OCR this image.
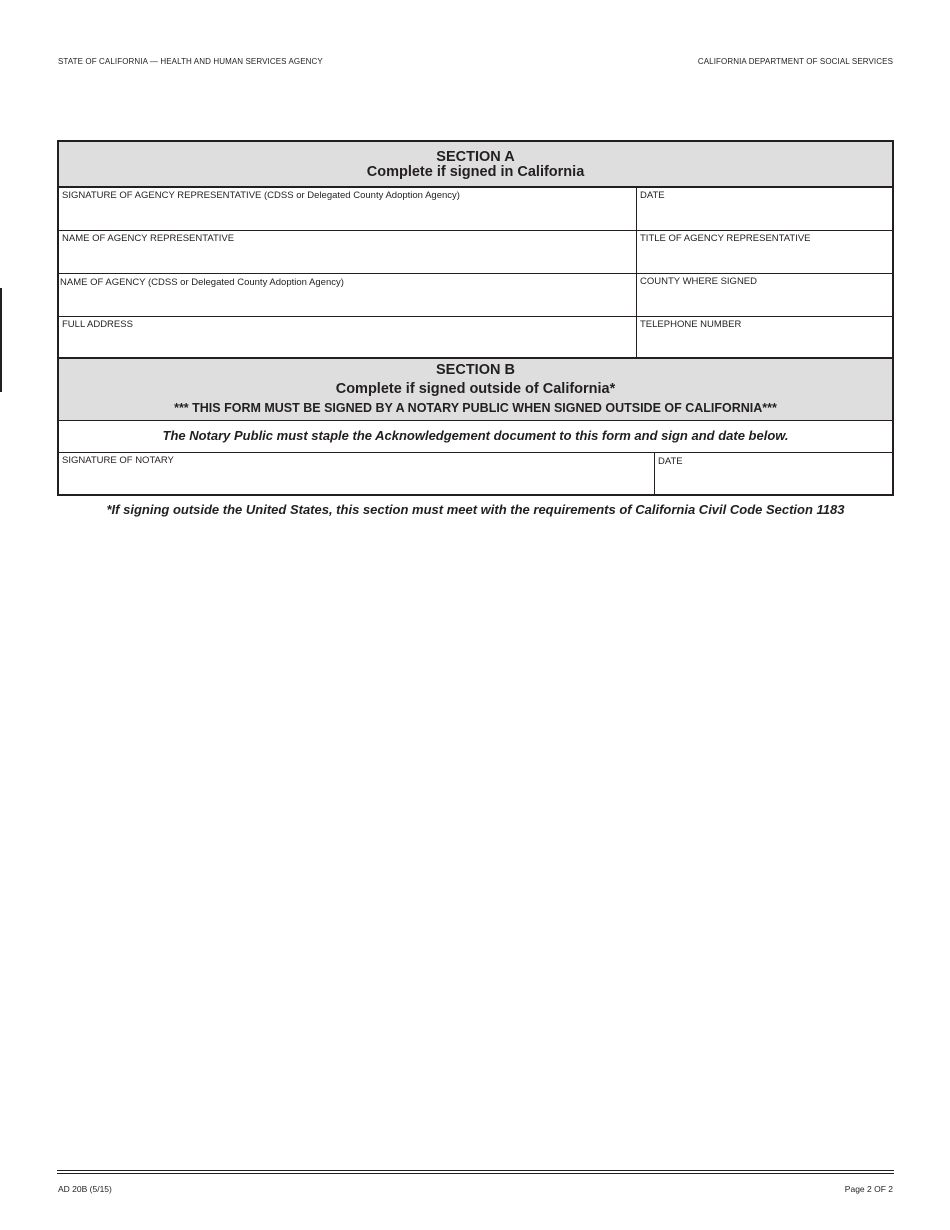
STATE OF CALIFORNIA — HEALTH AND HUMAN SERVICES AGENCY	CALIFORNIA DEPARTMENT OF SOCIAL SERVICES
SECTION A
Complete if signed in California
SIGNATURE OF AGENCY REPRESENTATIVE (CDSS or Delegated County Adoption Agency)	DATE
NAME OF AGENCY REPRESENTATIVE	TITLE OF AGENCY REPRESENTATIVE
NAME OF AGENCY (CDSS or Delegated County Adoption Agency)	COUNTY WHERE SIGNED
FULL ADDRESS	TELEPHONE NUMBER
SECTION B
Complete if signed outside of California*
*** THIS FORM MUST BE SIGNED BY A NOTARY PUBLIC WHEN SIGNED OUTSIDE OF CALIFORNIA***
The Notary Public must staple the Acknowledgement document to this form and sign and date below.
SIGNATURE OF NOTARY	DATE
*If signing outside the United States, this section must meet with the requirements of California Civil Code Section 1183
AD 20B (5/15)	Page 2 OF 2
